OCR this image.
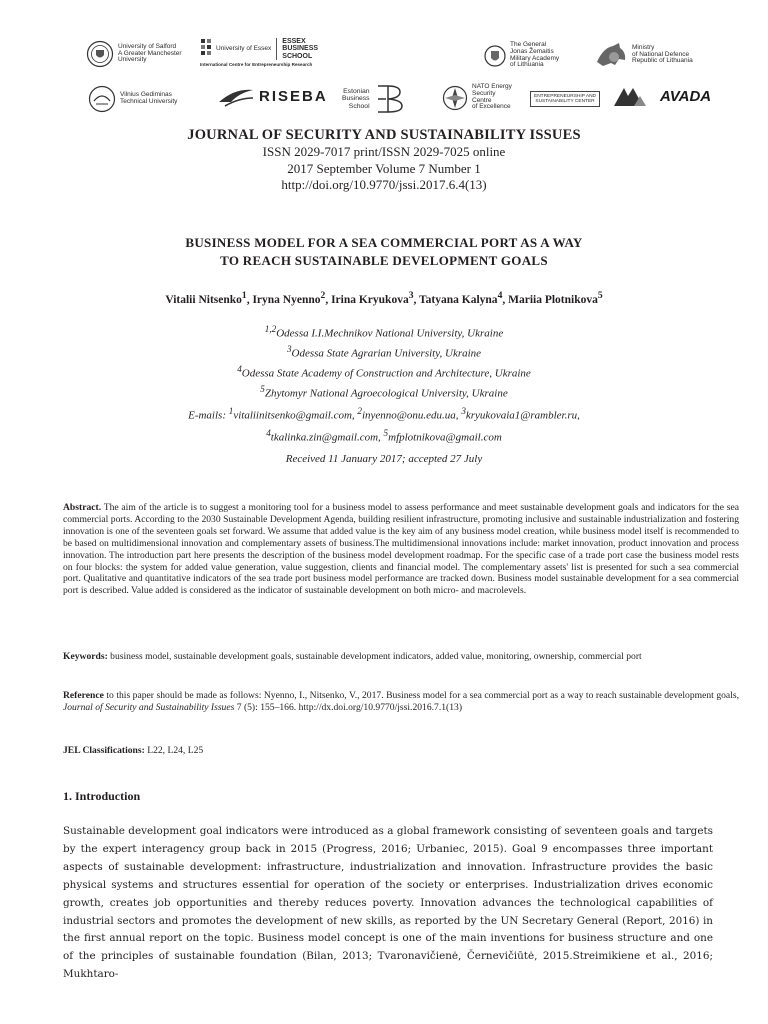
University of Salford
A Greater Manchester
University
University of Essex
ESSEX
BUSINESS
SCHOOL
International Centre for Entrepreneurship Research
The General
Jonas Žemaitis
Military Academy
of Lithuania
Ministry
of National Defence
Republic of Lithuania
Vilnius Gediminas
Technical University	RISEBA Estonian
Business
School
NATO Energy
Security
Centre
of Excellence
ENTREPRENEURSHIP AND
SUSTAINABILITY CENTER	AVADA
JOURNAL OF SECURITY AND SUSTAINABILITY ISSUES
ISSN 2029-7017 print/ISSN 2029-7025 online
2017 September Volume 7 Number 1
http://doi.org/10.9770/jssi.2017.6.4(13)
BUSINESS MODEL FOR A SEA COMMERCIAL PORT AS A WAY
TO REACH SUSTAINABLE DEVELOPMENT GOALS
Vitalii Nitsenko$^1$, Iryna Nyenno$^2$, Irina Kryukova$^3$, Tatyana Kalyna$^4$, Mariia Plotnikova$^5$
$^{1,2}$Odessa I.I.Mechnikov National University, Ukraine
$^3$Odessa State Agrarian University, Ukraine
$^4$Odessa State Academy of Construction and Architecture, Ukraine
$^5$Zhytomyr National Agroecological University, Ukraine
E-mails: $^1$vitaliinitsenko@gmail.com, $^2$inyenno@onu.edu.ua, $^3$kryukovaia1@rambler.ru,
$^4$tkalinka.zin@gmail.com, $^5$mfplotnikova@gmail.com
Received 11 January 2017; accepted 27 July
Abstract. The aim of the article is to suggest a monitoring tool for a business model to assess performance and meet sustainable development goals and indicators for the sea commercial ports. According to the 2030 Sustainable Development Agenda, building resilient infrastructure, promoting inclusive and sustainable industrialization and fostering innovation is one of the seventeen goals set forward. We assume that added value is the key aim of any business model creation, while business model itself is recommended to be based on multidimensional innovation and complementary assets of business.The multidimensional innovations include: market innovation, product innovation and process innovation. The introduction part here presents the description of the business model development roadmap. For the specific case of a trade port case the business model rests on four blocks: the system for added value generation, value suggestion, clients and financial model. The complementary assets' list is presented for such a sea commercial port. Qualitative and quantitative indicators of the sea trade port business model performance are tracked down. Business model sustainable development for a sea commercial port is described. Value added is considered as the indicator of sustainable development on both micro- and macrolevels.
Keywords: business model, sustainable development goals, sustainable development indicators, added value, monitoring, ownership, commercial port
Reference to this paper should be made as follows: Nyenno, I., Nitsenko, V., 2017. Business model for a sea commercial port as a way to reach sustainable development goals, Journal of Security and Sustainability Issues 7 (5): 155–166. http://dx.doi.org/10.9770/jssi.2016.7.1(13)
JEL Classifications: L22, L24, L25
1. Introduction
Sustainable development goal indicators were introduced as a global framework consisting of seventeen goals and targets by the expert interagency group back in 2015 (Progress, 2016; Urbaniec, 2015). Goal 9 encompasses three important aspects of sustainable development: infrastructure, industrialization and innovation. Infrastructure provides the basic physical systems and structures essential for operation of the society or enterprises. Industrialization drives economic growth, creates job opportunities and thereby reduces poverty. Innovation advances the technological capabilities of industrial sectors and promotes the development of new skills, as reported by the UN Secretary General (Report, 2016) in the first annual report on the topic. Business model concept is one of the main inventions for business structure and one of the principles of sustainable foundation (Bilan, 2013; Tvaronavičienė, Černevičiūtė, 2015.Streimikiene et al., 2016; Mukhtaro-
